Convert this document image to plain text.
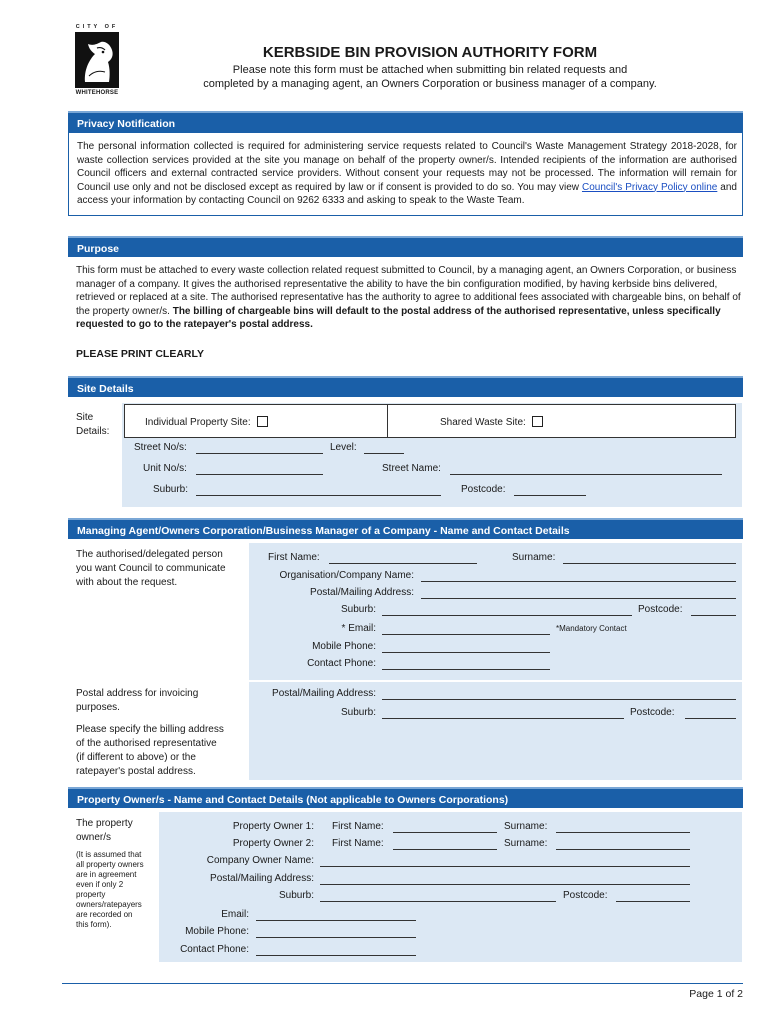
CITY OF
WHITEHORSE
KERBSIDE BIN PROVISION AUTHORITY FORM
Please note this form must be attached when submitting bin related requests and
completed by a managing agent, an Owners Corporation or business manager of a company.
Privacy Notification
The personal information collected is required for administering service requests related to Council's Waste Management Strategy 2018-2028, for waste collection services provided at the site you manage on behalf of the property owner/s. Intended recipients of the information are authorised Council officers and external contracted service providers. Without consent your requests may not be processed. The information will remain for Council use only and not be disclosed except as required by law or if consent is provided to do so. You may view Council's Privacy Policy online and access your information by contacting Council on 9262 6333 and asking to speak to the Waste Team.
Purpose
This form must be attached to every waste collection related request submitted to Council, by a managing agent, an Owners Corporation, or business manager of a company. It gives the authorised representative the ability to have the bin configuration modified, by having kerbside bins delivered, retrieved or replaced at a site. The authorised representative has the authority to agree to additional fees associated with chargeable bins, on behalf of the property owner/s. The billing of chargeable bins will default to the postal address of the authorised representative, unless specifically requested to go to the ratepayer's postal address.
PLEASE PRINT CLEARLY
Site Details
Site
Details:
Individual Property Site:	Shared Waste Site:
Street No/s:	Level:
Unit No/s:	Street Name:
Suburb:	Postcode:
Managing Agent/Owners Corporation/Business Manager of a Company - Name and Contact Details
The authorised/delegated person
you want Council to communicate
with about the request.
First Name:	Surname:
Organisation/Company Name:
Postal/Mailing Address:
Suburb:	Postcode:
* Email:	*Mandatory Contact
Mobile Phone:
Contact Phone:
Postal address for invoicing
purposes.
Please specify the billing address
of the authorised representative
(if different to above) or the
ratepayer's postal address.
Postal/Mailing Address:
Suburb:	Postcode:
Property Owner/s - Name and Contact Details (Not applicable to Owners Corporations)
The property
owner/s
(It is assumed that
all property owners
are in agreement
even if only 2
property
owners/ratepayers
are recorded on
this form).
Property Owner 1: First Name:	Surname:
Property Owner 2: First Name:	Surname:
Company Owner Name:
Postal/Mailing Address:
Suburb:	Postcode:
Email:
Mobile Phone:
Contact Phone:
Page 1 of 2
